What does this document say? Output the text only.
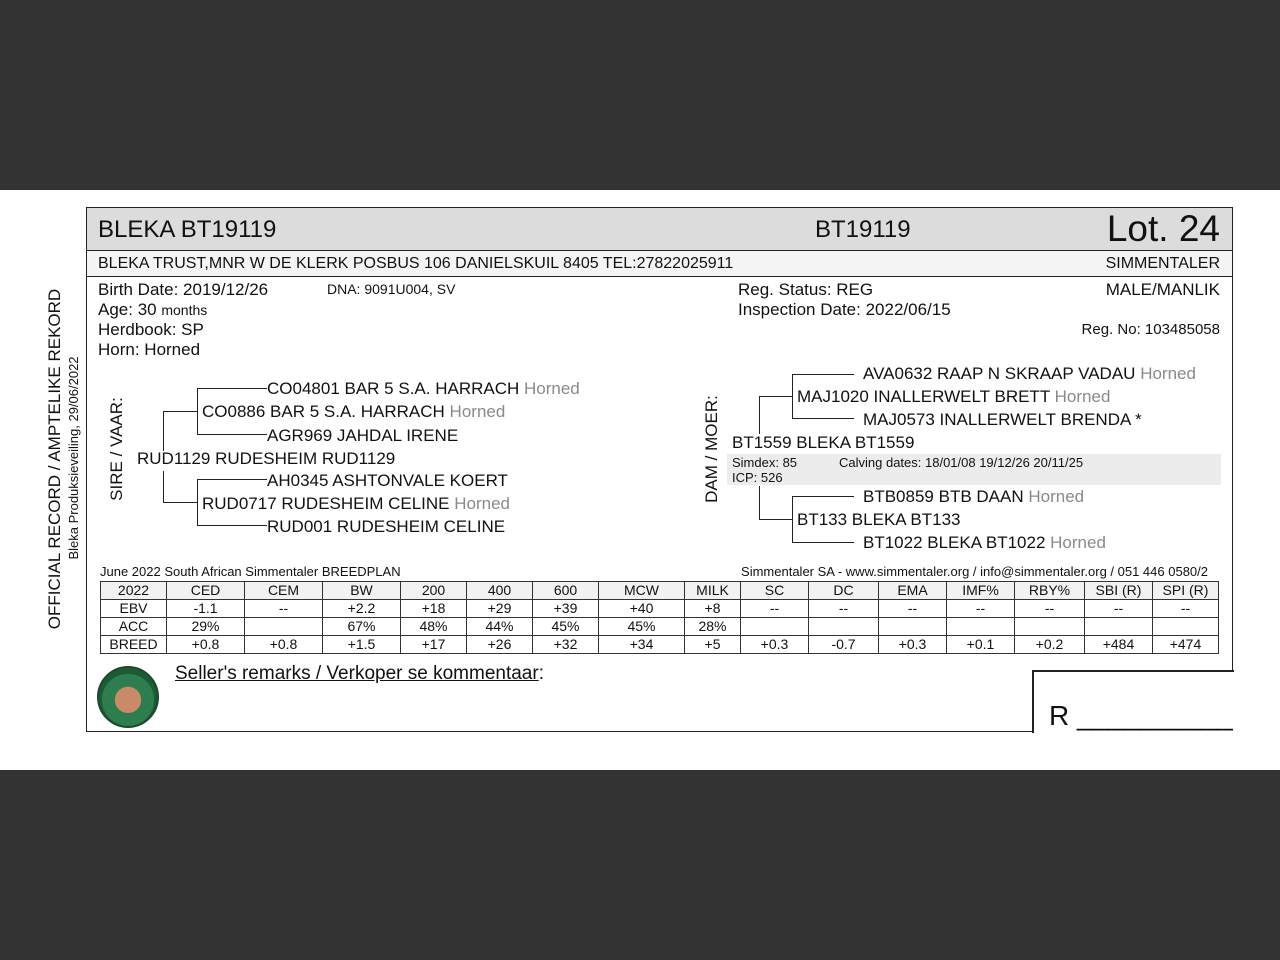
OFFICIAL RECORD / AMPTELIKE REKORD Bleka Produksieveiling, 29/06/2022
BLEKA BT19119	BT19119	Lot. 24
BLEKA TRUST,MNR W DE KLERK POSBUS 106 DANIELSKUIL 8405 TEL:27822025911	SIMMENTALER
Birth Date: 2019/12/26	DNA: 9091U004, SV
Age: 30 months
Herdbook: SP
Horn: Horned
Reg. Status: REG
Inspection Date: 2022/06/15
MALE/MANLIK
Reg. No: 103485058
SIRE / VAAR:
CO04801 BAR 5 S.A. HARRACH Horned
AGR969 JAHDAL IRENE
CO0886 BAR 5 S.A. HARRACH Horned
RUD1129 RUDESHEIM RUD1129
RUD0717 RUDESHEIM CELINE Horned
AH0345 ASHTONVALE KOERT
RUD001 RUDESHEIM CELINE
DAM / MOER:
AVA0632 RAAP N SKRAAP VADAU Horned
MAJ0573 INALLERWELT BRENDA *
MAJ1020 INALLERWELT BRETT Horned
BT1559 BLEKA BT1559
Simdex: 85	Calving dates: 18/01/08 19/12/26 20/11/25
ICP: 526
BT133 BLEKA BT133
BTB0859 BTB DAAN Horned
BT1022 BLEKA BT1022 Horned
June 2022 South African Simmentaler BREEDPLAN	Simmentaler SA - www.simmentaler.org / info@simmentaler.org / 051 446 0580/2
2022	CED	CEM	BW	200	400	600	MCW	MILK	SC	DC	EMA	IMF%	RBY%	SBI (R)	SPI (R)
EBV	-1.1	--	+2.2	+18	+29	+39	+40	+8	--	--	--	--	--	--	--
ACC	29%		67%	48%	44%	45%	45%	28%							
BREED	+0.8	+0.8	+1.5	+17	+26	+32	+34	+5	+0.3	-0.7	+0.3	+0.1	+0.2	+484	+474
Seller's remarks / Verkoper se kommentaar:
R __________
